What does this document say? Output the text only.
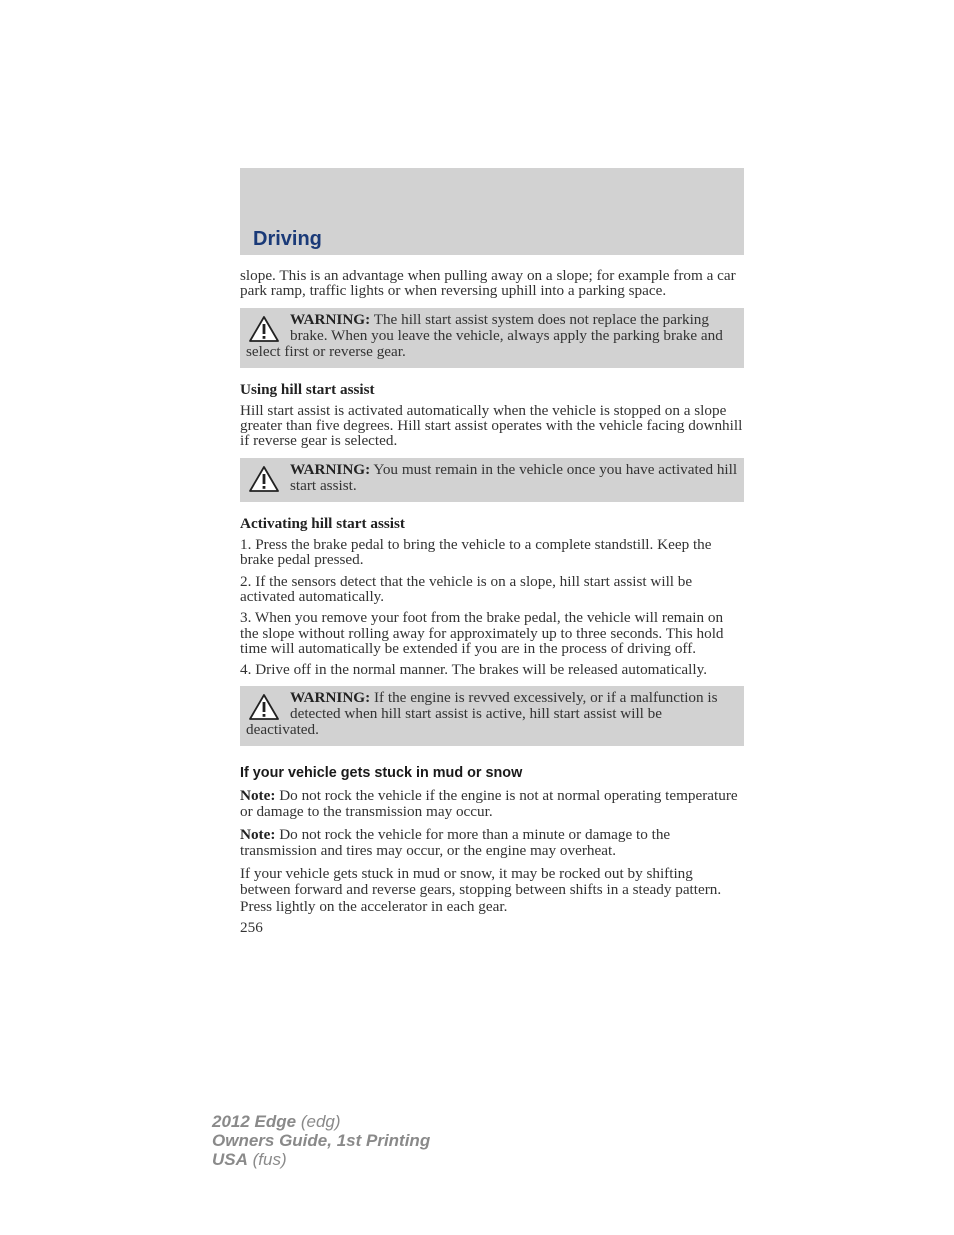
Driving

slope. This is an advantage when pulling away on a slope; for example from a car park ramp, traffic lights or when reversing uphill into a parking space.

WARNING: The hill start assist system does not replace the parking brake. When you leave the vehicle, always apply the parking brake and select first or reverse gear.

Using hill start assist

Hill start assist is activated automatically when the vehicle is stopped on a slope greater than five degrees. Hill start assist operates with the vehicle facing downhill if reverse gear is selected.

WARNING: You must remain in the vehicle once you have activated hill start assist.

Activating hill start assist

1. Press the brake pedal to bring the vehicle to a complete standstill. Keep the brake pedal pressed.

2. If the sensors detect that the vehicle is on a slope, hill start assist will be activated automatically.

3. When you remove your foot from the brake pedal, the vehicle will remain on the slope without rolling away for approximately up to three seconds. This hold time will automatically be extended if you are in the process of driving off.

4. Drive off in the normal manner. The brakes will be released automatically.

WARNING: If the engine is revved excessively, or if a malfunction is detected when hill start assist is active, hill start assist will be deactivated.

If your vehicle gets stuck in mud or snow

Note: Do not rock the vehicle if the engine is not at normal operating temperature or damage to the transmission may occur.

Note: Do not rock the vehicle for more than a minute or damage to the transmission and tires may occur, or the engine may overheat.

If your vehicle gets stuck in mud or snow, it may be rocked out by shifting between forward and reverse gears, stopping between shifts in a steady pattern. Press lightly on the accelerator in each gear.

256

2012 Edge (edg)
Owners Guide, 1st Printing
USA (fus)
